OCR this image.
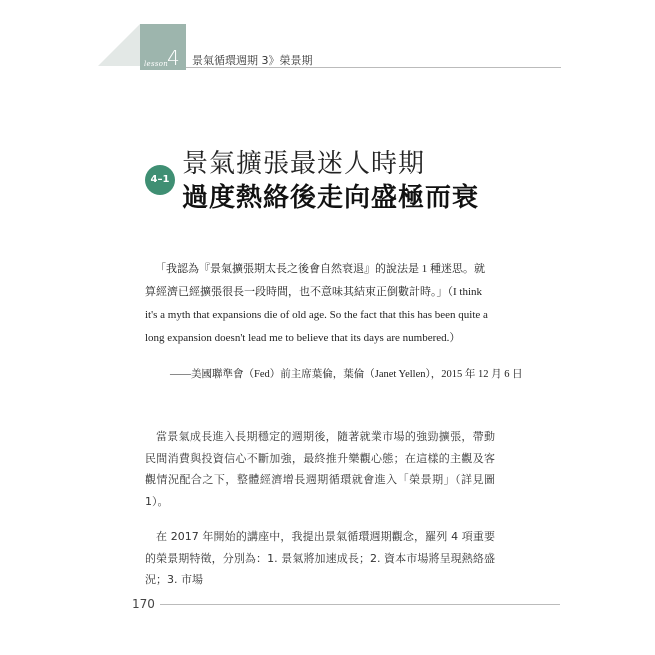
lesson
4 景氣循環週期 3》榮景期
4–1
景氣擴張最迷人時期
過度熱絡後走向盛極而衰

「我認為『景氣擴張期太長之後會自然衰退』的說法是 1 種迷思。就算經濟已經擴張很長一段時間，也不意味其結束正倒數計時。」（I think it's a myth that expansions die of old age. So the fact that this has been quite a long expansion doesn't lead me to believe that its days are numbered.）

——美國聯準會（Fed）前主席葉倫，葉倫（Janet Yellen），2015 年 12 月 6 日

當景氣成長進入長期穩定的週期後，隨著就業市場的強勁擴張，帶動民間消費與投資信心不斷加強，最終推升樂觀心態；在這樣的主觀及客觀情況配合之下，整體經濟增長週期循環就會進入「榮景期」（詳見圖 1）。

在 2017 年開始的講座中，我提出景氣循環週期觀念，羅列 4 項重要的榮景期特徵，分別為：1. 景氣將加速成長；2. 資本市場將呈現熱絡盛況；3. 市場

170
